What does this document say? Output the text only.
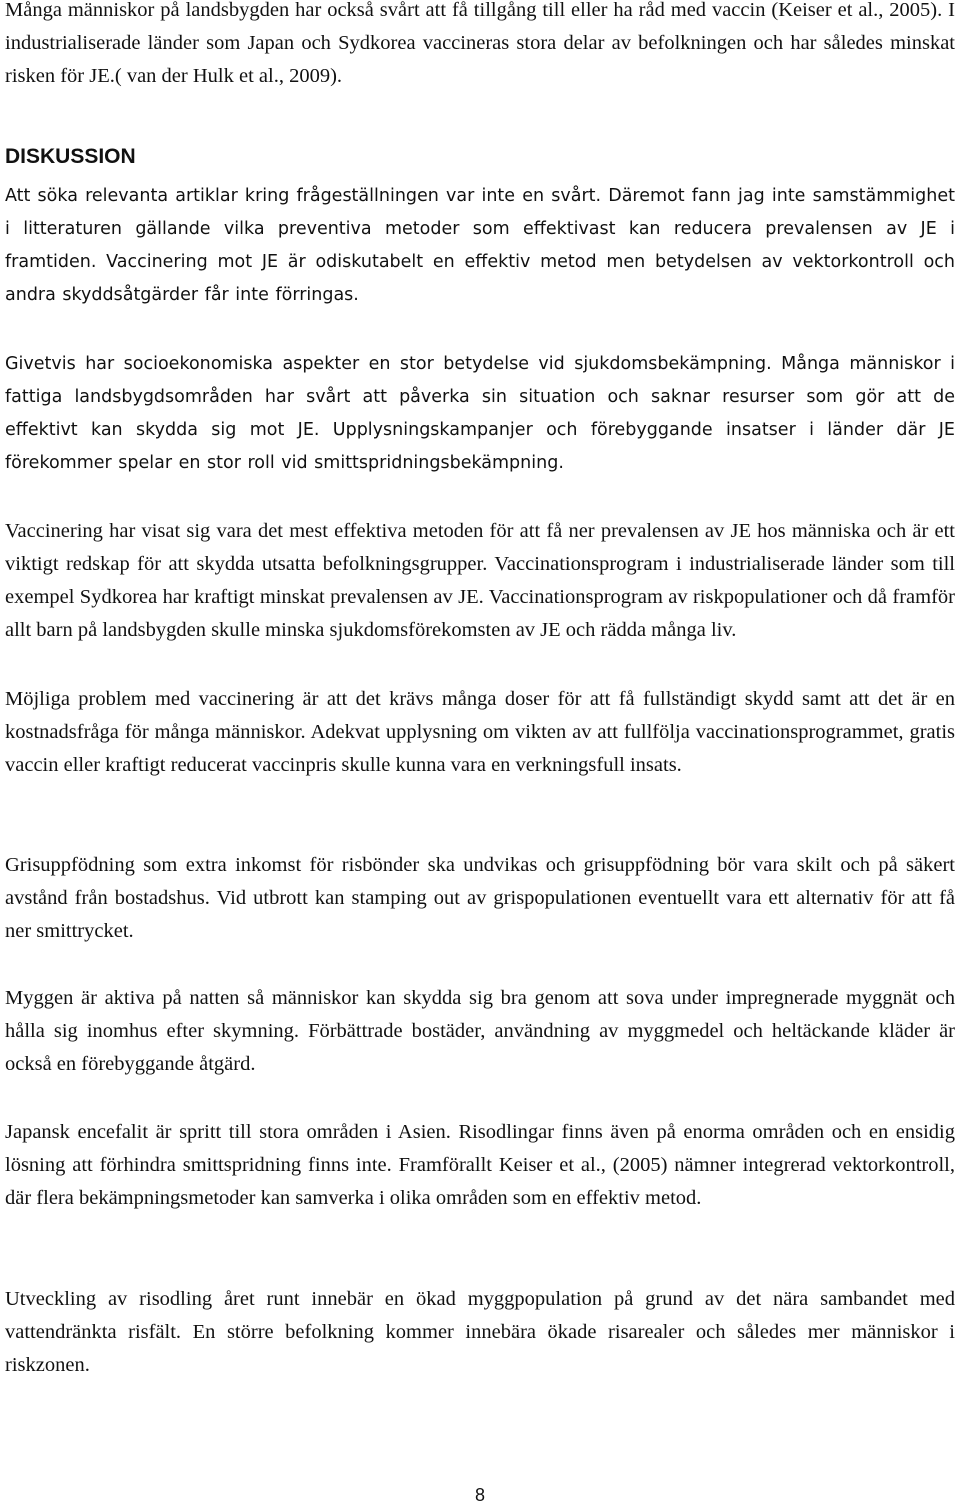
Många människor på landsbygden har också svårt att få tillgång till eller ha råd med vaccin (Keiser et al., 2005). I industrialiserade länder som Japan och Sydkorea vaccineras stora delar av befolkningen och har således minskat risken för JE.( van der Hulk et al., 2009).

DISKUSSION

Att söka relevanta artiklar kring frågeställningen var inte en svårt. Däremot fann jag inte samstämmighet i litteraturen gällande vilka preventiva metoder som effektivast kan reducera prevalensen av JE i framtiden. Vaccinering mot JE är odiskutabelt en effektiv metod men betydelsen av vektorkontroll och andra skyddsåtgärder får inte förringas.

Givetvis har socioekonomiska aspekter en stor betydelse vid sjukdomsbekämpning. Många människor i fattiga landsbygdsområden har svårt att påverka sin situation och saknar resurser som gör att de effektivt kan skydda sig mot JE. Upplysningskampanjer och förebyggande insatser i länder där JE förekommer spelar en stor roll vid smittspridningsbekämpning.

Vaccinering har visat sig vara det mest effektiva metoden för att få ner prevalensen av JE hos människa och är ett viktigt redskap för att skydda utsatta befolkningsgrupper. Vaccinationsprogram i industrialiserade länder som till exempel Sydkorea har kraftigt minskat prevalensen av JE. Vaccinationsprogram av riskpopulationer och då framför allt barn på landsbygden skulle minska sjukdomsförekomsten av JE och rädda många liv.

Möjliga problem med vaccinering är att det krävs många doser för att få fullständigt skydd samt att det är en kostnadsfråga för många människor. Adekvat upplysning om vikten av att fullfölja vaccinationsprogrammet, gratis vaccin eller kraftigt reducerat vaccinpris skulle kunna vara en verkningsfull insats.

Grisuppfödning som extra inkomst för risbönder ska undvikas och grisuppfödning bör vara skilt och på säkert avstånd från bostadshus. Vid utbrott kan stamping out av grispopulationen eventuellt vara ett alternativ för att få ner smittrycket.

Myggen är aktiva på natten så människor kan skydda sig bra genom att sova under impregnerade myggnät och hålla sig inomhus efter skymning. Förbättrade bostäder, användning av myggmedel och heltäckande kläder är också en förebyggande åtgärd.

Japansk encefalit är spritt till stora områden i Asien. Risodlingar finns även på enorma områden och en ensidig lösning att förhindra smittspridning finns inte. Framförallt Keiser et al., (2005) nämner integrerad vektorkontroll, där flera bekämpningsmetoder kan samverka i olika områden som en effektiv metod.

Utveckling av risodling året runt innebär en ökad myggpopulation på grund av det nära sambandet med vattendränkta risfält. En större befolkning kommer innebära ökade risarealer och således mer människor i riskzonen.

8
